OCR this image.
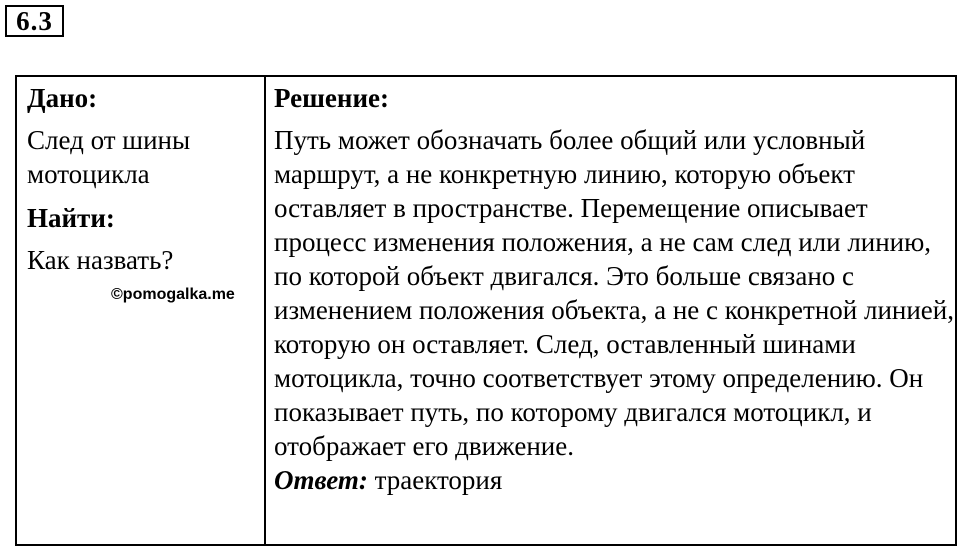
6.3
Дано:
След от шины мотоцикла
Найти:
Как назвать?
©pomogalka.me
Решение:
Путь может обозначать более общий или условный маршрут, а не конкретную линию, которую объект оставляет в пространстве. Перемещение описывает процесс изменения положения, а не сам след или линию, по которой объект двигался. Это больше связано с изменением положения объекта, а не с конкретной линией, которую он оставляет. След, оставленный шинами мотоцикла, точно соответствует этому определению. Он показывает путь, по которому двигался мотоцикл, и отображает его движение.
Ответ: траектория
